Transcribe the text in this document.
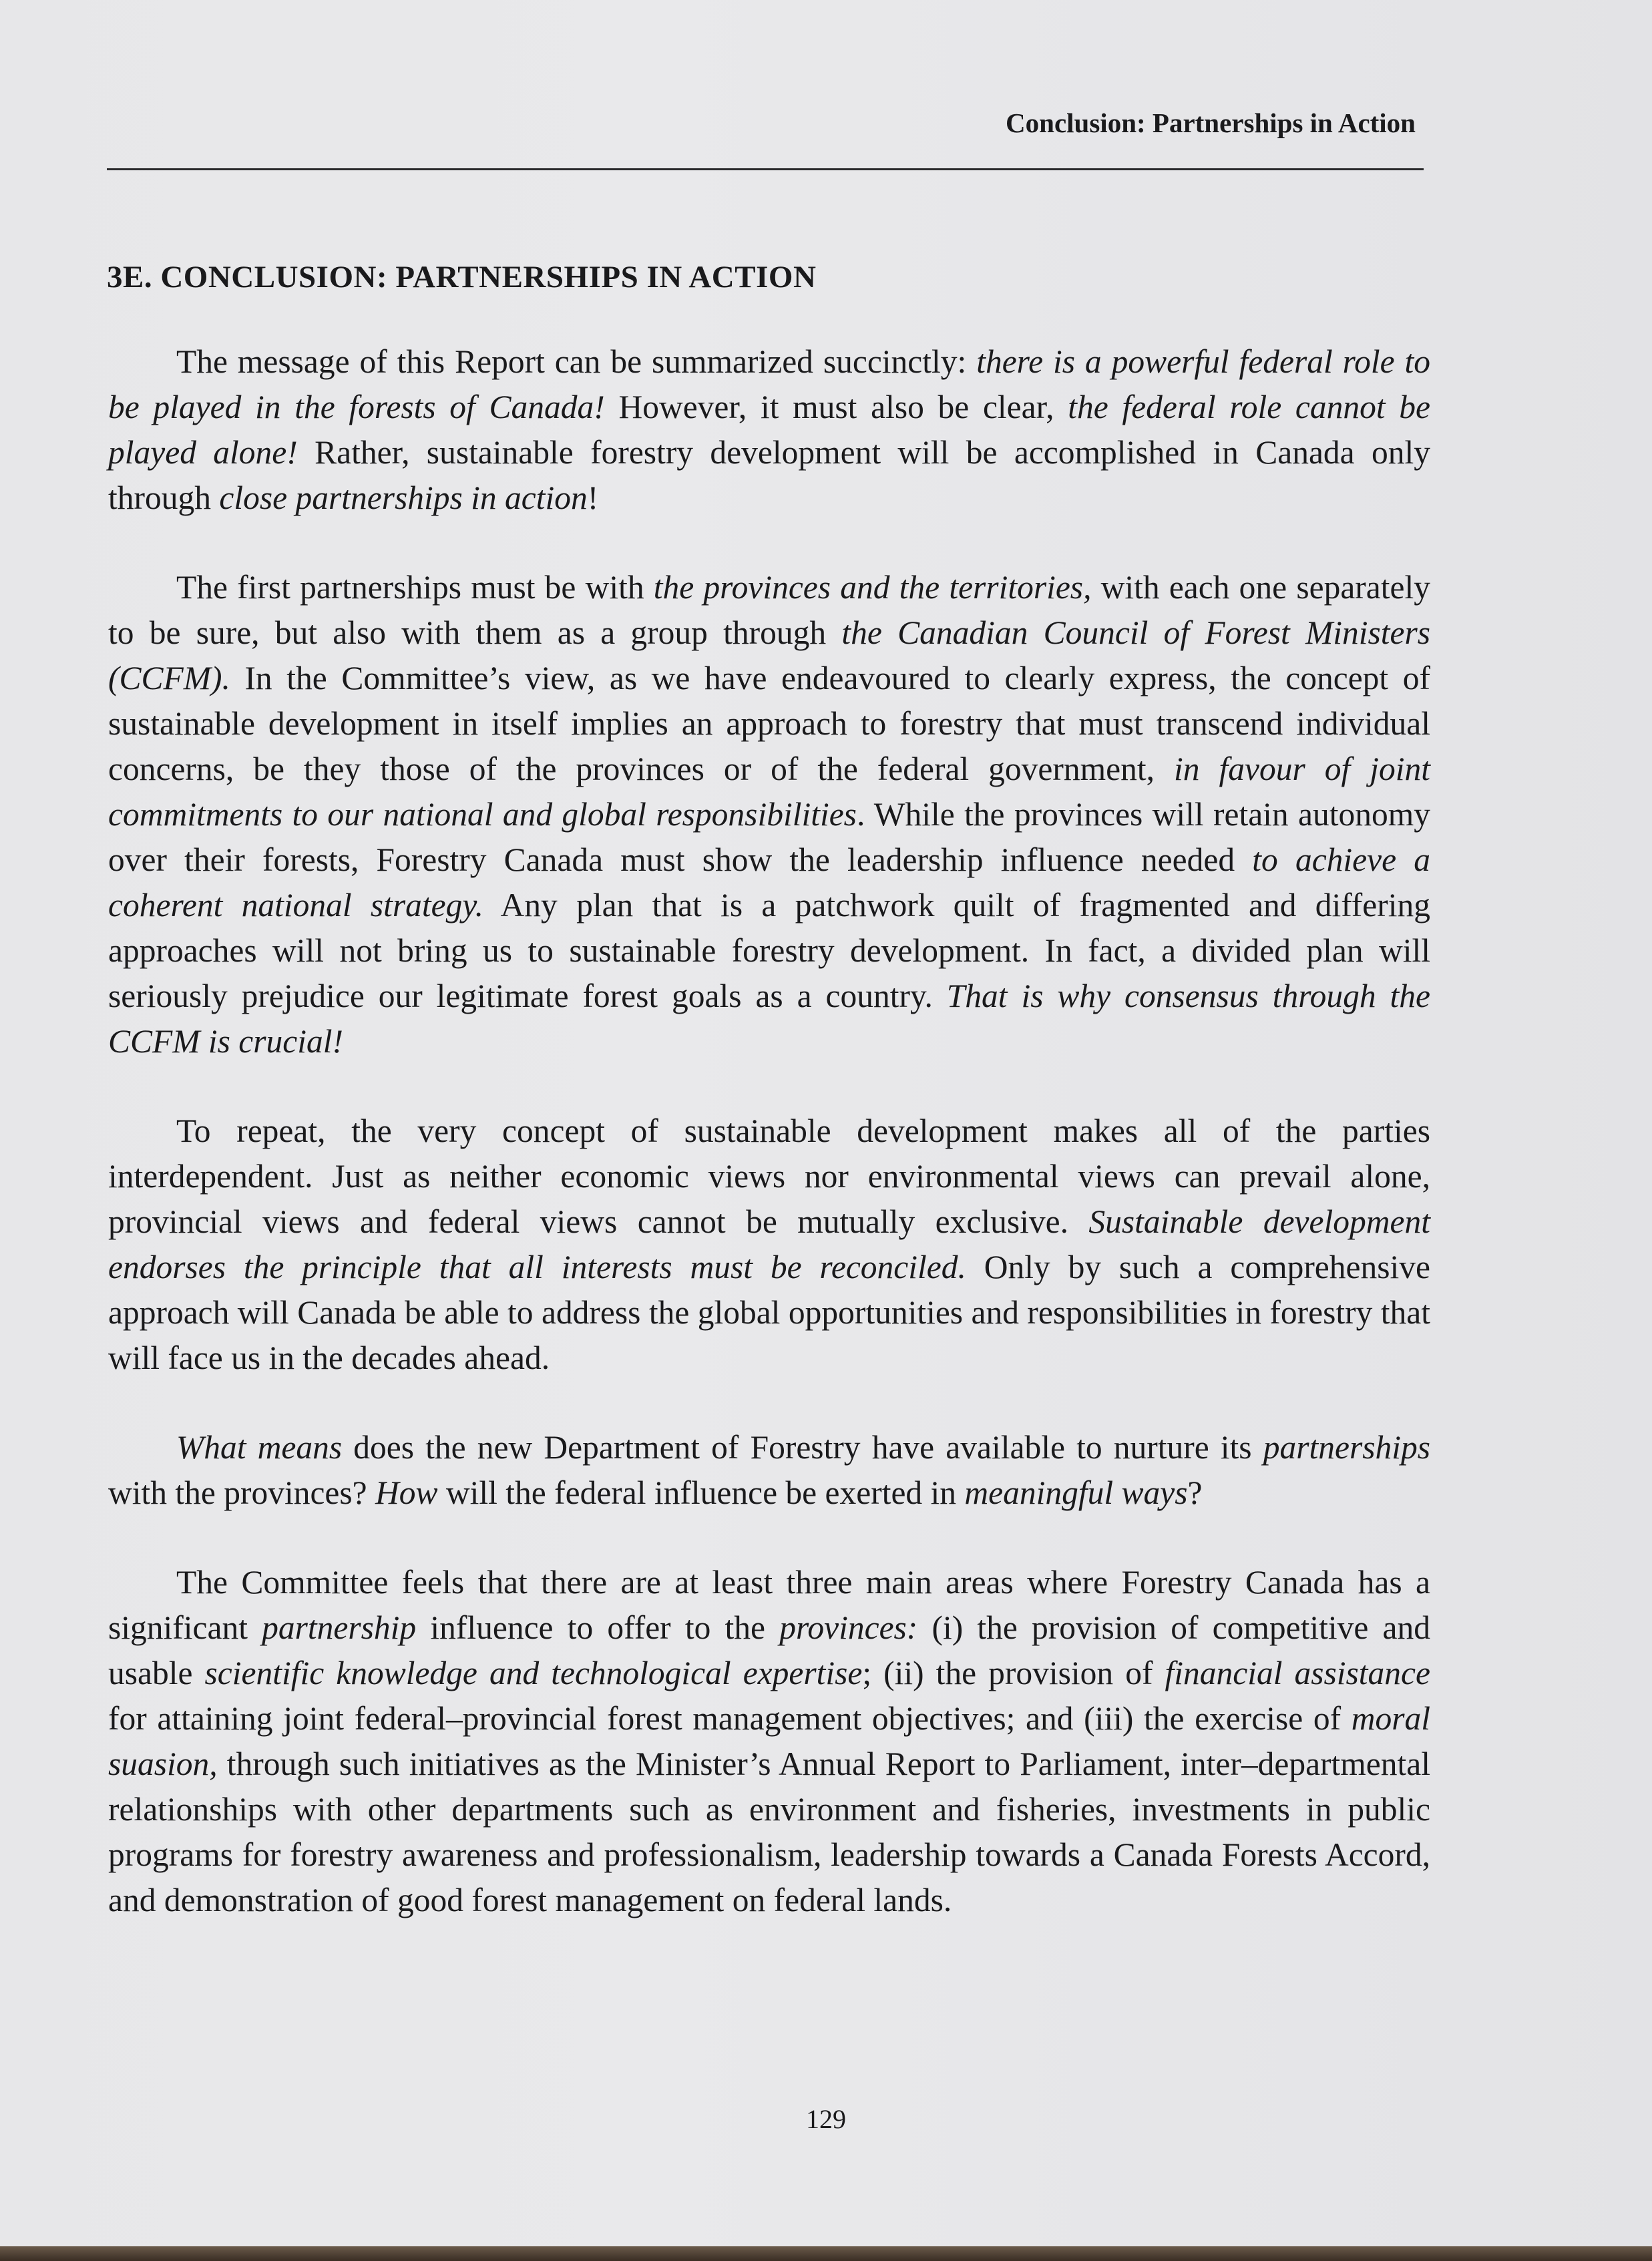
Conclusion: Partnerships in Action
3E. CONCLUSION: PARTNERSHIPS IN ACTION

The message of this Report can be summarized succinctly: there is a powerful federal role to be played in the forests of Canada! However, it must also be clear, the federal role cannot be played alone! Rather, sustainable forestry development will be accomplished in Canada only through close partnerships in action!

The first partnerships must be with the provinces and the territories, with each one separately to be sure, but also with them as a group through the Canadian Council of Forest Ministers (CCFM). In the Committee’s view, as we have endeavoured to clearly express, the concept of sustainable development in itself implies an approach to forestry that must transcend individual concerns, be they those of the provinces or of the federal government, in favour of joint commitments to our national and global responsibilities. While the provinces will retain autonomy over their forests, Forestry Canada must show the leadership influence needed to achieve a coherent national strategy. Any plan that is a patchwork quilt of fragmented and differing approaches will not bring us to sustainable forestry development. In fact, a divided plan will seriously prejudice our legitimate forest goals as a country. That is why consensus through the CCFM is crucial!

To repeat, the very concept of sustainable development makes all of the parties interdependent. Just as neither economic views nor environmental views can prevail alone, provincial views and federal views cannot be mutually exclusive. Sustainable development endorses the principle that all interests must be reconciled. Only by such a comprehensive approach will Canada be able to address the global opportunities and responsibilities in forestry that will face us in the decades ahead.

What means does the new Department of Forestry have available to nurture its partnerships with the provinces? How will the federal influence be exerted in meaningful ways?

The Committee feels that there are at least three main areas where Forestry Canada has a significant partnership influence to offer to the provinces: (i) the provision of competitive and usable scientific knowledge and technological expertise; (ii) the provision of financial assistance for attaining joint federal–provincial forest management objectives; and (iii) the exercise of moral suasion, through such initiatives as the Minister’s Annual Report to Parliament, inter–departmental relationships with other departments such as environment and fisheries, investments in public programs for forestry awareness and professionalism, leadership towards a Canada Forests Accord, and demonstration of good forest management on federal lands.

129
